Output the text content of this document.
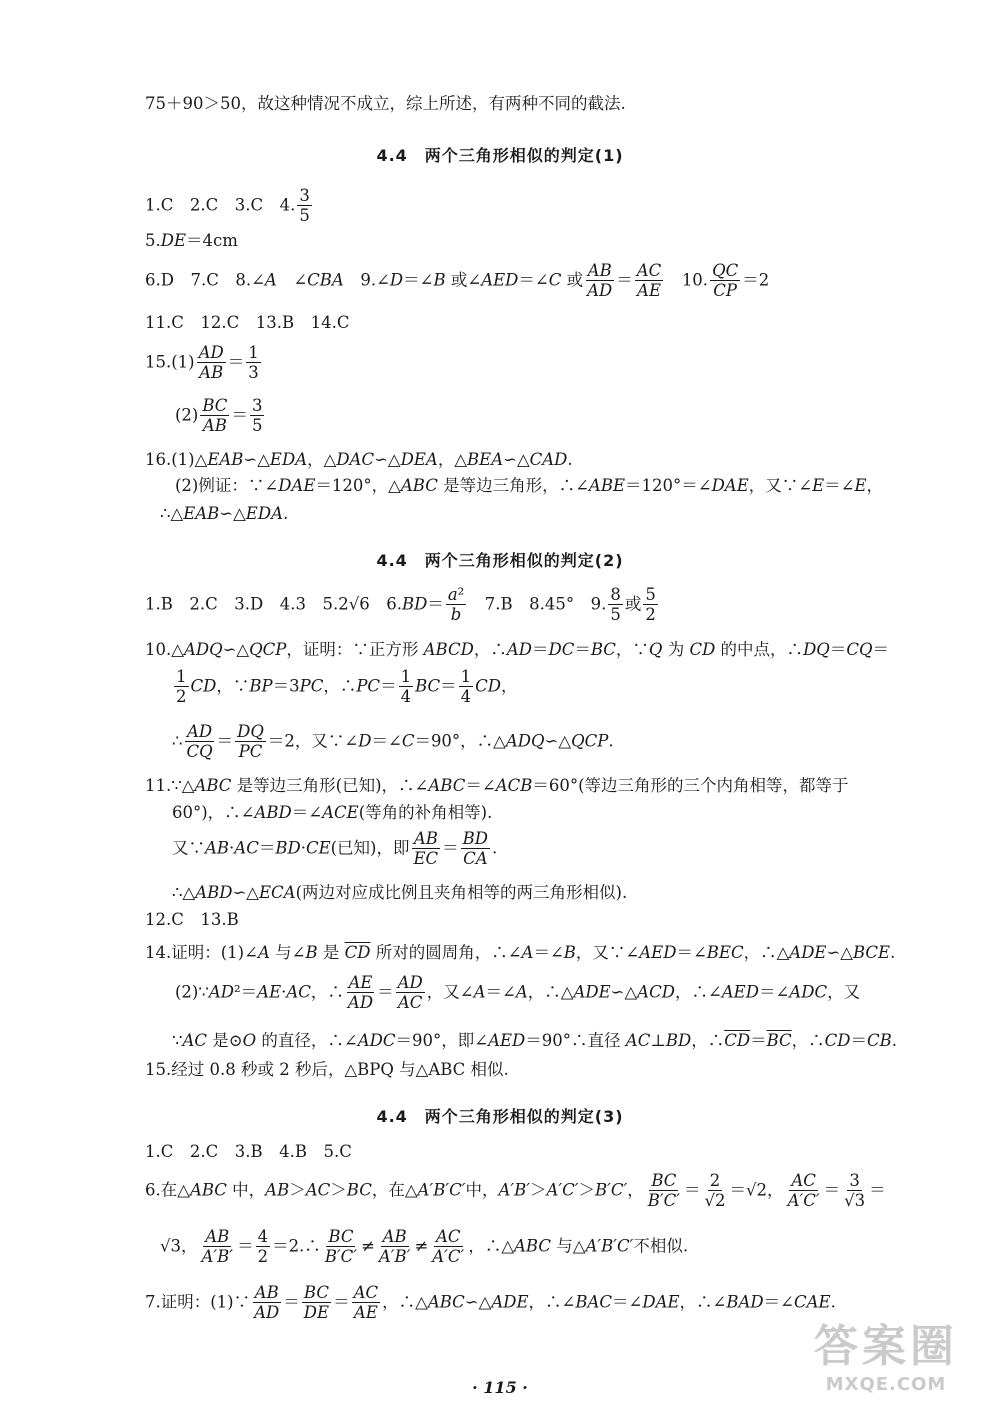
75＋90＞50，故这种情况不成立，综上所述，有两种不同的截法.
4.4　两个三角形相似的判定(1)
1.C　2.C　3.C　4. $\frac{3}{5}$
5.DE＝4cm
6.D　7.C　8.∠A　∠CBA　9.∠D＝∠B 或∠AED＝∠C 或 $\frac{AB}{AD} = \frac{AC}{AE}$ 　10. $\frac{QC}{CP} =2$
11.C　12.C　13.B　14.C
$15.(1) \frac{AD}{AB} = \frac{1}{3}$
$(2) \frac{BC}{AB} = \frac{3}{5}$
16.(1)△EAB∽△EDA，△DAC∽△DEA，△BEA∽△CAD.
(2)例证：∵∠DAE＝120°，△ABC 是等边三角形，∴∠ABE＝120°＝∠DAE，又∵∠E＝∠E，
∴△EAB∽△EDA.
4.4　两个三角形相似的判定(2)
1.B　2.C　3.D　4.3　5.2√6　$6.BD= \frac{\text{a²}}{b}$ 　7.B　8.45°　9. $\frac{8}{5}$ 或 $\frac{5}{2}$
10.△ADQ∽△QCP，证明：∵正方形 ABCD，∴AD＝DC＝BC，∵Q 为 CD 的中点，∴DQ＝CQ＝
$\frac{1}{2}$ CD，∵BP＝3PC，∴PC＝ $\frac{1}{4} BC= \frac{1}{4}$ CD，
∴ $\frac{AD}{CQ} = \frac{DQ}{PC} =2$，又∵∠D＝∠C＝90°，∴△ADQ∽△QCP.
11.∵△ABC 是等边三角形(已知)，∴∠ABC＝∠ACB＝60°(等边三角形的三个内角相等，都等于
60°)，∴∠ABD＝∠ACE(等角的补角相等).
又∵AB·AC＝BD·CE(已知)，即 $\frac{AB}{EC} = \frac{BD}{CA}$ .
∴△ABD∽△ECA(两边对应成比例且夹角相等的两三角形相似).
12.C　13.B
14.证明：(1)∠A 与∠B 是 $\overline{CD}$ 所对的圆周角，∴∠A＝∠B，又∵∠AED＝∠BEC，∴△ADE∽△BCE.
(2)∵AD²＝AE·AC，∴ $\frac{AE}{AD} = \frac{AD}{AC}$ ，又∠A＝∠A，∴△ADE∽△ACD，∴∠AED＝∠ADC，又
∵AC 是⊙O 的直径，∴∠ADC＝90°，即∠AED＝90°∴直径 AC⊥BD，$\therefore\overline{CD}=\overline{BC}$，∴CD＝CB.
15.经过 0.8 秒或 2 秒后，△BPQ 与△ABC 相似.
4.4　两个三角形相似的判定(3)
1.C　2.C　3.B　4.B　5.C
6.在△ABC 中，AB＞AC＞BC，在△A′B′C′中，A′B′＞A′C′＞B′C′， $\frac{BC}{B'C'} = \frac{2}{√2} =√2$， $\frac{AC}{A'C'} = \frac{3}{√3}$ ＝
√3， $\frac{AB}{A'B'} = \frac{4}{2}$ ＝2.∴ $\frac{BC}{B'C'} \ne \frac{AB}{A'B'} \ne \frac{AC}{A'C'}$ ，∴△ABC 与△A′B′C′不相似.
7.证明：(1)∵ $\frac{AB}{AD} = \frac{BC}{DE} = \frac{AC}{AE}$ ，∴△ABC∽△ADE，∴∠BAC＝∠DAE，∴∠BAD＝∠CAE.
· 115 ·
答案圈
MXQE.COM
